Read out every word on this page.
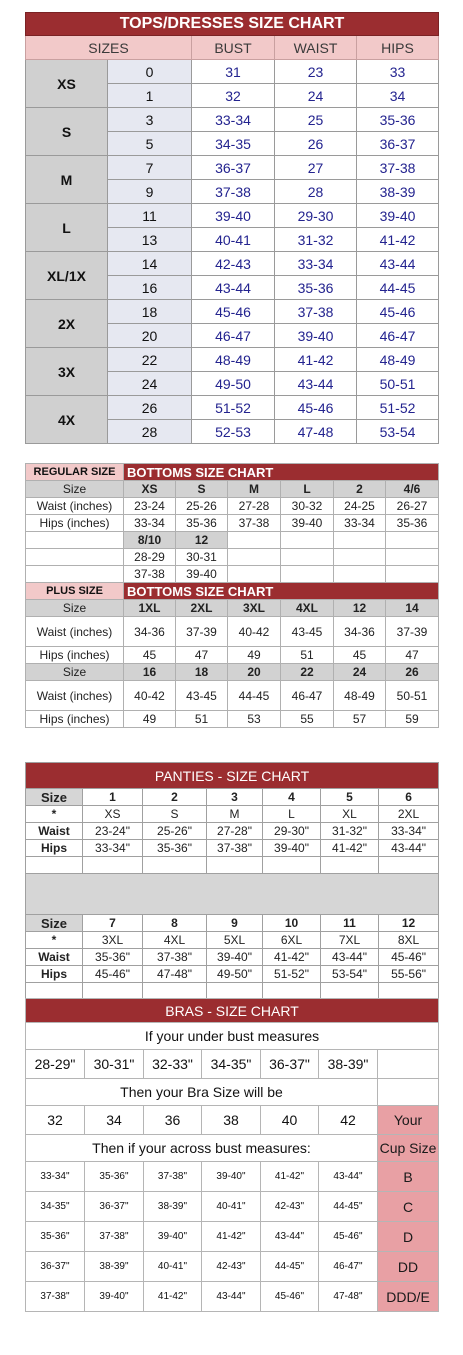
TOPS/DRESSES SIZE CHART				
SIZES		BUST	WAIST	HIPS
XS	0	31	23	33
	1	32	24	34
S	3	33-34	25	35-36
	5	34-35	26	36-37
M	7	36-37	27	37-38
	9	37-38	28	38-39
L	11	39-40	29-30	39-40
	13	40-41	31-32	41-42
XL/1X	14	42-43	33-34	43-44
	16	43-44	35-36	44-45
2X	18	45-46	37-38	45-46
	20	46-47	39-40	46-47
3X	22	48-49	41-42	48-49
	24	49-50	43-44	50-51
4X	26	51-52	45-46	51-52
	28	52-53	47-48	53-54
REGULAR SIZE	BOTTOMS SIZE CHART					
Size	XS	S	M	L	2	4/6
Waist (inches)	23-24	25-26	27-28	30-32	24-25	26-27
Hips (inches)	33-34	35-36	37-38	39-40	33-34	35-36
	8/10	12				
	28-29	30-31				
	37-38	39-40				
PLUS SIZE	BOTTOMS SIZE CHART					
Size	1XL	2XL	3XL	4XL	12	14
Waist (inches)	34-36	37-39	40-42	43-45	34-36	37-39
Hips (inches)	45	47	49	51	45	47
Size	16	18	20	22	24	26
Waist (inches)	40-42	43-45	44-45	46-47	48-49	50-51
Hips (inches)	49	51	53	55	57	59
PANTIES - SIZE CHART						
Size	1	2	3	4	5	6
*	XS	S	M	L	XL	2XL
Waist	23-24"	25-26"	27-28"	29-30"	31-32"	33-34"
Hips	33-34"	35-36"	37-38"	39-40"	41-42"	43-44"

Size	7	8	9	10	11	12
*	3XL	4XL	5XL	6XL	7XL	8XL
Waist	35-36"	37-38"	39-40"	41-42"	43-44"	45-46"
Hips	45-46"	47-48"	49-50"	51-52"	53-54"	55-56"

BRAS - SIZE CHART						
If your under bust measures						
28-29"	30-31"	32-33"	34-35"	36-37"	38-39"	
Then your Bra Size will be						
32	34	36	38	40	42	Your
Then if your across bust measures:						Cup Size
33-34"	35-36"	37-38"	39-40"	41-42"	43-44"	B
34-35"	36-37"	38-39"	40-41"	42-43"	44-45"	C
35-36"	37-38"	39-40"	41-42"	43-44"	45-46"	D
36-37"	38-39"	40-41"	42-43"	44-45"	46-47"	DD
37-38"	39-40"	41-42"	43-44"	45-46"	47-48"	DDD/E
